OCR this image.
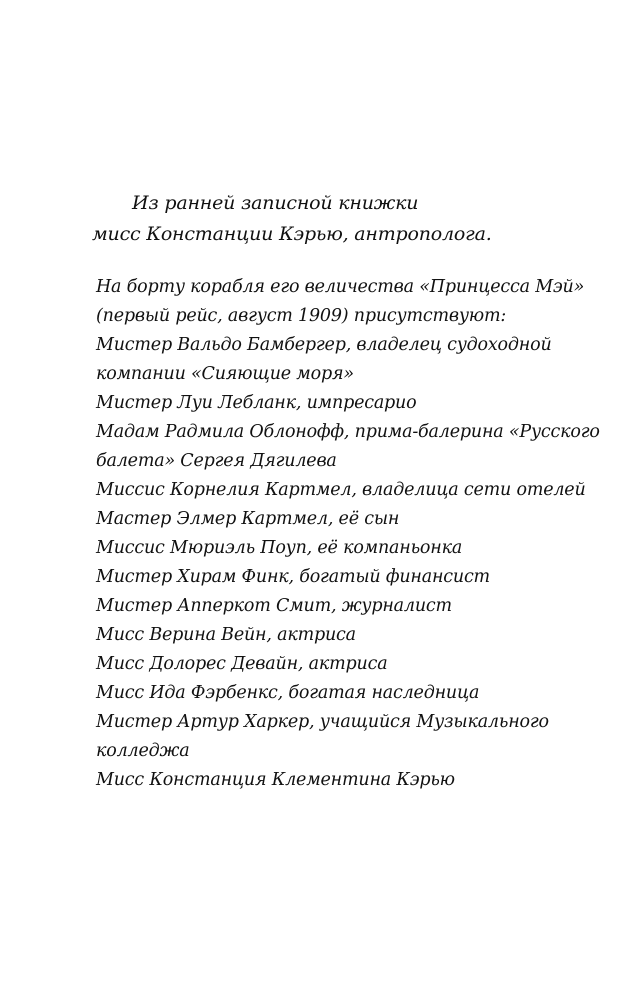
Из ранней записной книжки
мисс Констанции Кэрью, антрополога.
На борту корабля его величества «Принцесса Мэй»
(первый рейс, август 1909) присутствуют:
Мистер Вальдо Бамбергер, владелец судоходной
компании «Сияющие моря»
Мистер Луи Лебланк, импресарио
Мадам Радмила Облонофф, прима-балерина «Русского
балета» Сергея Дягилева
Миссис Корнелия Картмел, владелица сети отелей
Мастер Элмер Картмел, её сын
Миссис Мюриэль Поуп, её компаньонка
Мистер Хирам Финк, богатый финансист
Мистер Апперкот Смит, журналист
Мисс Верина Вейн, актриса
Мисс Долорес Девайн, актриса
Мисс Ида Фэрбенкс, богатая наследница
Мистер Артур Харкер, учащийся Музыкального
колледжа
Мисс Констанция Клементина Кэрью
